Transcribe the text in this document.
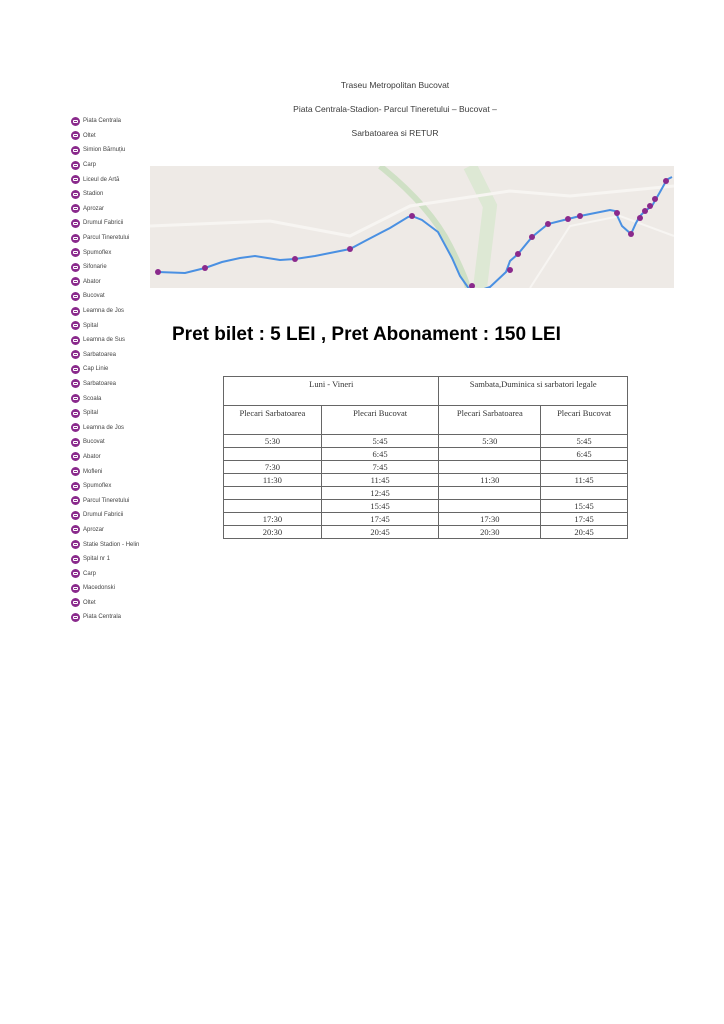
Traseu Metropolitan Bucovat
Piata Centrala-Stadion- Parcul Tineretului – Bucovat –
Sarbatoarea si RETUR
Piata Centrala
Oltet
Simion Bărnuțiu
Carp
Liceul de Artă
Stadion
Aprozar
Drumul Fabricii
Parcul Tineretului
Spumoflex
Sifonarie
Abator
Bucovat
Leamna de Jos
Spital
Leamna de Sus
Sarbatoarea
Cap Linie
Sarbatoarea
Scoala
Spital
Leamna de Jos
Bucovat
Abator
Mofleni
Spumoflex
Parcul Tineretului
Drumul Fabricii
Aprozar
Statie Stadion - Helin
Spital nr 1
Carp
Macedonski
Oltet
Piata Centrala
Pret bilet : 5 LEI , Pret Abonament : 150 LEI
Luni - Vineri		Sambata,Duminica si sarbatori legale	
Plecari Sarbatoarea	Plecari Bucovat	Plecari Sarbatoarea	Plecari Bucovat
5:30	5:45	5:30	5:45
	6:45		6:45
7:30	7:45		
11:30	11:45	11:30	11:45
	12:45		
	15:45		15:45
17:30	17:45	17:30	17:45
20:30	20:45	20:30	20:45
